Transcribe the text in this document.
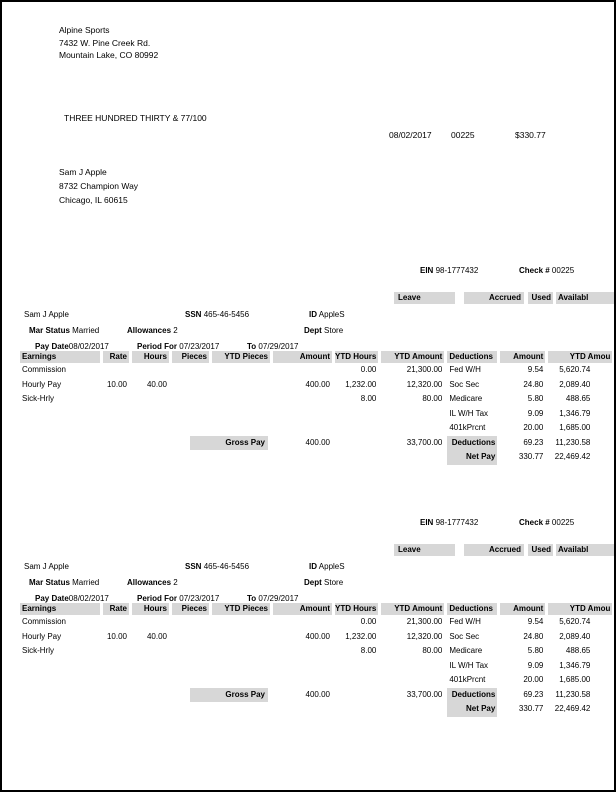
Alpine Sports
7432 W. Pine Creek Rd.
Mountain Lake, CO 80992
THREE HUNDRED THIRTY & 77/100
08/02/2017 00225	$330.77
Sam J Apple
8732 Champion Way
Chicago, IL 60615
EIN 98-1777432	Check # 00225
Leave	Accrued	Used Availabl
Sam J Apple	SSN 465-46-5456	ID AppleS
Mar Status Married	Allowances 2	Dept Store
Pay Date08/02/2017	Period For 07/23/2017	To 07/29/2017
Earnings	Rate	Hours	Pieces	YTD Pieces	Amount	YTD Hours	YTD Amount	Deductions	Amount	YTD Amou
Commission						0.00	21,300.00	Fed W/H	9.54	5,620.74
Hourly Pay	10.00	40.00			400.00	1,232.00	12,320.00	Soc Sec	24.80	2,089.40
Sick-Hrly						8.00	80.00	Medicare	5.80	488.65
								IL W/H Tax	9.09	1,346.79
								401kPrcnt	20.00	1,685.00

		Gross Pay			400.00		33,700.00	Deductions	69.23	11,230.58
								Net Pay	330.77	22,469.42
EIN 98-1777432	Check # 00225
Leave	Accrued	Used Availabl
Sam J Apple	SSN 465-46-5456	ID AppleS
Mar Status Married	Allowances 2	Dept Store
Pay Date08/02/2017	Period For 07/23/2017	To 07/29/2017
Earnings	Rate	Hours	Pieces	YTD Pieces	Amount	YTD Hours	YTD Amount	Deductions	Amount	YTD Amou
Commission						0.00	21,300.00	Fed W/H	9.54	5,620.74
Hourly Pay	10.00	40.00			400.00	1,232.00	12,320.00	Soc Sec	24.80	2,089.40
Sick-Hrly						8.00	80.00	Medicare	5.80	488.65
								IL W/H Tax	9.09	1,346.79
								401kPrcnt	20.00	1,685.00

		Gross Pay			400.00		33,700.00	Deductions	69.23	11,230.58
								Net Pay	330.77	22,469.42
